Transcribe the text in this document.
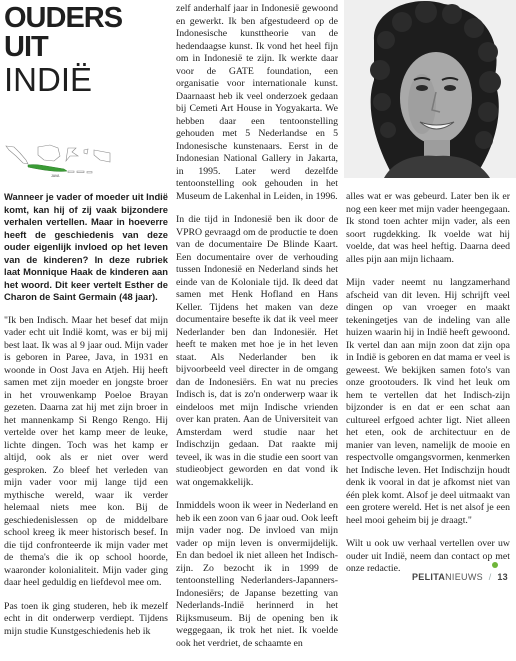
OUDERS
UIT
INDIË
JAVA

Wanneer je vader of moeder uit Indië komt, kan hij of zij vaak bijzondere verhalen vertellen. Maar in hoeverre heeft de geschiedenis van deze ouder eigenlijk invloed op het leven van de kinderen? In deze rubriek laat Monnique Haak de kinderen aan het woord. Dit keer vertelt Esther de Charon de Saint Germain (48 jaar).

"Ik ben Indisch. Maar het besef dat mijn vader echt uit Indië komt, was er bij mij best laat. Ik was al 9 jaar oud. Mijn vader is geboren in Paree, Java, in 1931 en woonde in Oost Java en Atjeh. Hij heeft samen met zijn moeder en jongste broer in het vrouwenkamp Poeloe Brayan gezeten. Daarna zat hij met zijn broer in het mannenkamp Si Rengo Rengo. Hij vertelde over het kamp meer de leuke, lichte dingen. Toch was het kamp er altijd, ook als er niet over werd gesproken. Zo bleef het verleden van mijn vader voor mij lange tijd een mythische wereld, waar ik verder helemaal niets mee kon. Bij de geschiedenislessen op de middelbare school kreeg ik meer historisch besef. In die tijd confronteerde ik mijn vader met de thema's die ik op school hoorde, waaronder kolonialiteit. Mijn vader ging daar heel geduldig en liefdevol mee om.

Pas toen ik ging studeren, heb ik mezelf echt in dit onderwerp verdiept. Tijdens mijn studie Kunstgeschiedenis heb ik

zelf anderhalf jaar in Indonesië gewoond en gewerkt. Ik ben afgestudeerd op de Indonesische kunsttheorie van de hedendaagse kunst. Ik vond het heel fijn om in Indonesië te zijn. Ik werkte daar voor de GATE foundation, een organisatie voor internationale kunst. Daarnaast heb ik veel onderzoek gedaan bij Cemeti Art House in Yogyakarta. We hebben daar een tentoonstelling gehouden met 5 Nederlandse en 5 Indonesische kunstenaars. Eerst in de Indonesian National Gallery in Jakarta, in 1995. Later werd dezelfde tentoonstelling ook gehouden in het Museum de Lakenhal in Leiden, in 1996.

In die tijd in Indonesië ben ik door de VPRO gevraagd om de productie te doen van de documentaire De Blinde Kaart. Een documentaire over de verhouding tussen Indonesië en Nederland sinds het einde van de Koloniale tijd. Ik deed dat samen met Henk Hofland en Hans Keller. Tijdens het maken van deze documentaire besefte ik dat ik veel meer Nederlander ben dan Indonesiër. Het heeft te maken met hoe je in het leven staat. Als Nederlander ben ik bijvoorbeeld veel directer in de omgang dan de Indonesiërs. En wat nu precies Indisch is, dat is zo'n onderwerp waar ik eindeloos met mijn Indische vrienden over kan praten. Aan de Universiteit van Amsterdam werd studie naar het Indischzijn gedaan. Dat raakte mij teveel, ik was in die studie een soort van studieobject geworden en dat vond ik wat ongemakkelijk.

Inmiddels woon ik weer in Nederland en heb ik een zoon van 6 jaar oud. Ook leeft mijn vader nog. De invloed van mijn vader op mijn leven is onvermijdelijk. En dan bedoel ik niet alleen het Indisch-zijn. Zo bezocht ik in 1999 de tentoonstelling Nederlanders-Japanners-Indonesiërs; de Japanse bezetting van Nederlands-Indië herinnerd in het Rijksmuseum. Bij de opening ben ik weggegaan, ik trok het niet. Ik voelde ook het verdriet, de schaamte en

alles wat er was gebeurd. Later ben ik er nog een keer met mijn vader heengegaan. Ik stond toen achter mijn vader, als een soort rugdekking. Ik voelde wat hij voelde, dat was heel heftig. Daarna deed alles pijn aan mijn lichaam.

Mijn vader neemt nu langzamerhand afscheid van dit leven. Hij schrijft veel dingen op van vroeger en maakt tekeningetjes van de indeling van alle huizen waarin hij in Indië heeft gewoond. Ik vertel dan aan mijn zoon dat zijn opa in Indië is geboren en dat mama er veel is geweest. We bekijken samen foto's van onze grootouders. Ik vind het leuk om hem te vertellen dat het Indisch-zijn bijzonder is en dat er een schat aan cultureel erfgoed achter ligt. Niet alleen het eten, ook de architectuur en de manier van leven, namelijk de mooie en respectvolle omgangsvormen, kenmerken het Indische leven. Het Indischzijn houdt denk ik vooral in dat je afkomst niet van één plek komt. Alsof je deel uitmaakt van een grotere wereld. Het is net alsof je een heel mooi geheim bij je draagt."

Wilt u ook uw verhaal vertellen over uw ouder uit Indië, neem dan contact op met onze redactie.

PELITANIEUWS / 13
